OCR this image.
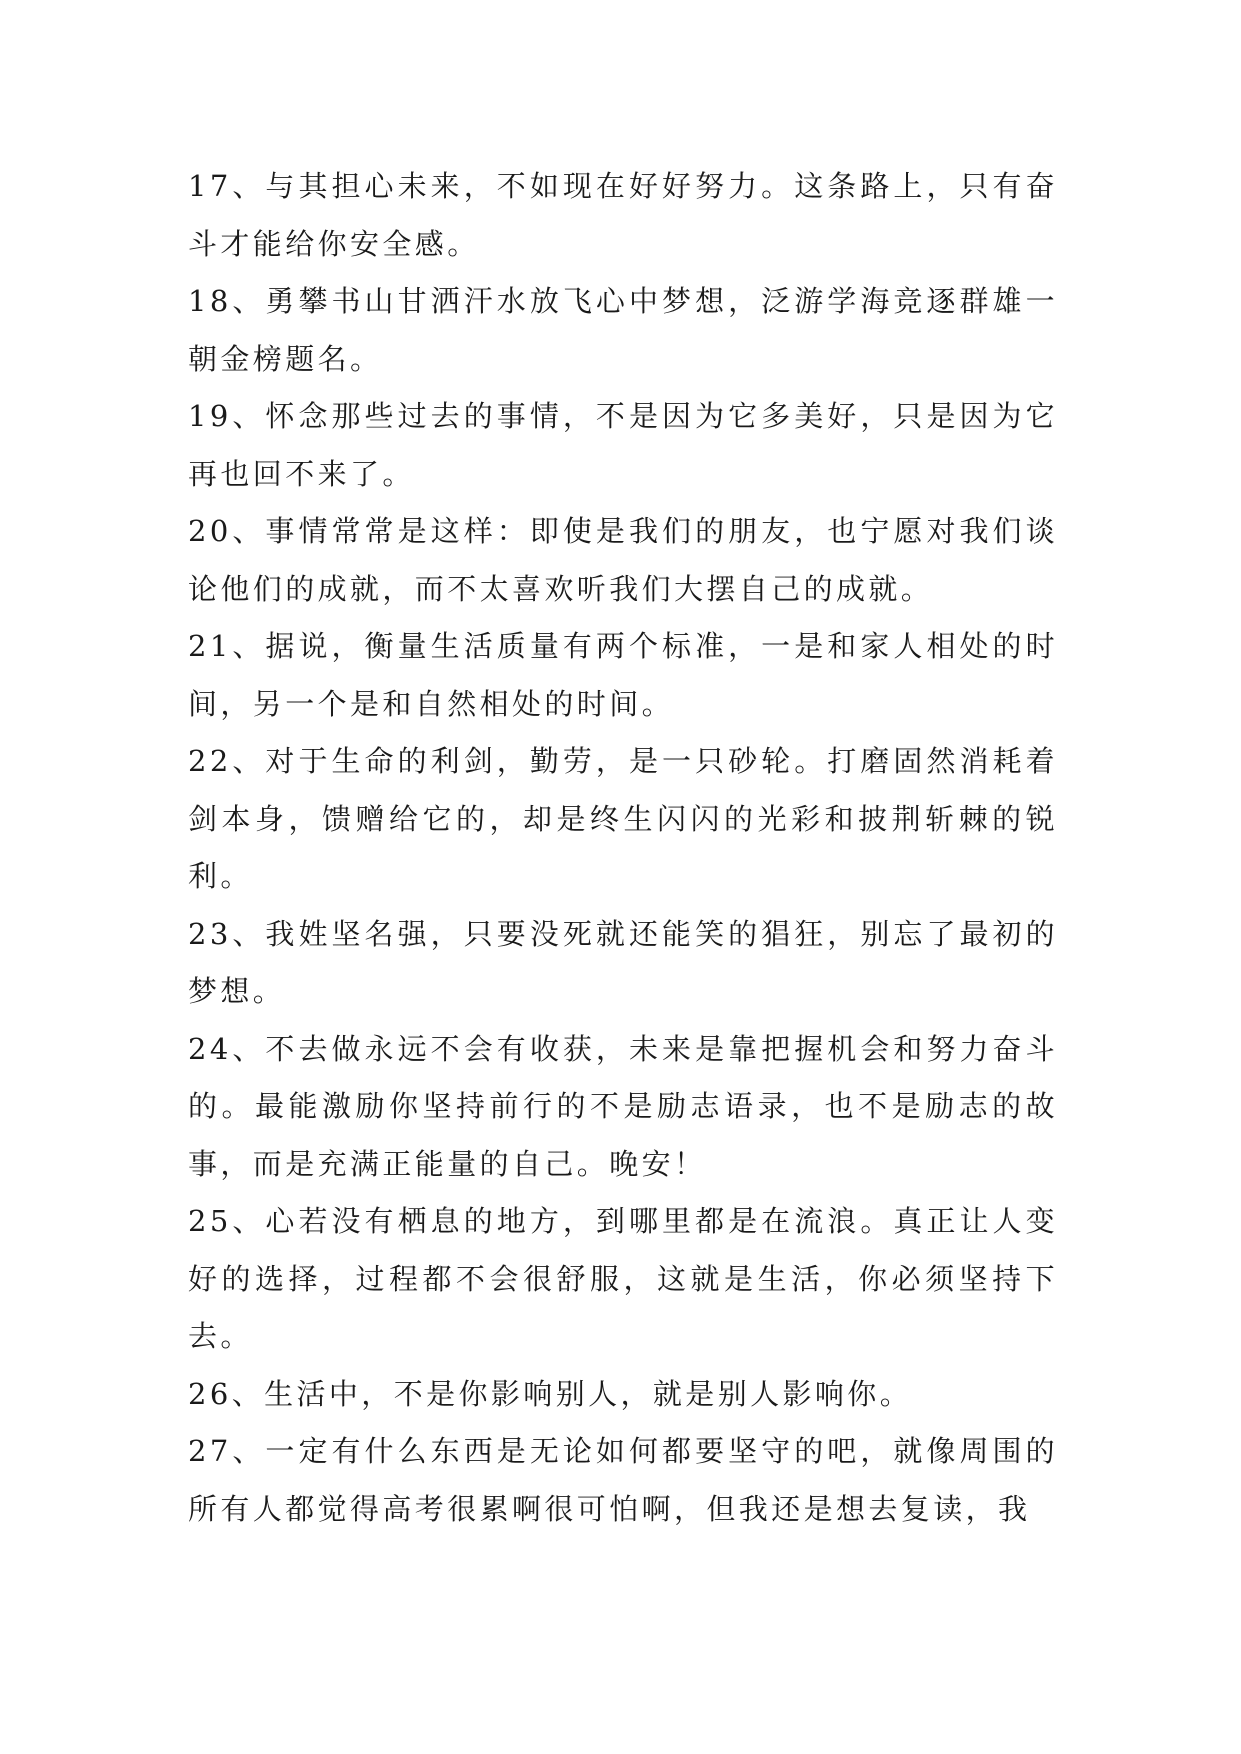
17、与其担心未来，不如现在好好努力。这条路上，只有奋斗才能给你安全感。

18、勇攀书山甘洒汗水放飞心中梦想，泛游学海竞逐群雄一朝金榜题名。

19、怀念那些过去的事情，不是因为它多美好，只是因为它再也回不来了。

20、事情常常是这样：即使是我们的朋友，也宁愿对我们谈论他们的成就，而不太喜欢听我们大摆自己的成就。

21、据说，衡量生活质量有两个标准，一是和家人相处的时间，另一个是和自然相处的时间。

22、对于生命的利剑，勤劳，是一只砂轮。打磨固然消耗着剑本身，馈赠给它的，却是终生闪闪的光彩和披荆斩棘的锐利。

23、我姓坚名强，只要没死就还能笑的猖狂，别忘了最初的梦想。

24、不去做永远不会有收获，未来是靠把握机会和努力奋斗的。最能激励你坚持前行的不是励志语录，也不是励志的故事，而是充满正能量的自己。晚安！

25、心若没有栖息的地方，到哪里都是在流浪。真正让人变好的选择，过程都不会很舒服，这就是生活，你必须坚持下去。

26、生活中，不是你影响别人，就是别人影响你。

27、一定有什么东西是无论如何都要坚守的吧，就像周围的所有人都觉得高考很累啊很可怕啊，但我还是想去复读，我
